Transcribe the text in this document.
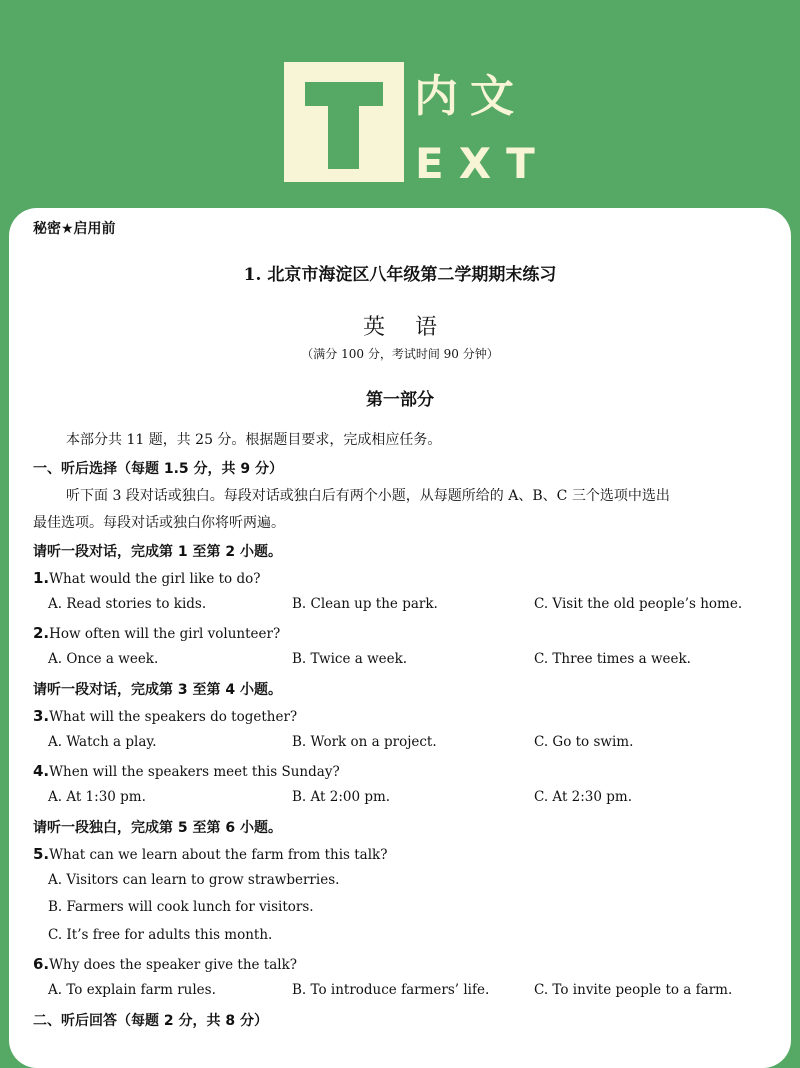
内文
EXT
秘密★启用前
1. 北京市海淀区八年级第二学期期末练习
英语
（满分 100 分，考试时间 90 分钟）
第一部分
本部分共 11 题，共 25 分。根据题目要求，完成相应任务。
一、听后选择（每题 1.5 分，共 9 分）
听下面 3 段对话或独白。每段对话或独白后有两个小题，从每题所给的 A、B、C 三个选项中选出
最佳选项。每段对话或独白你将听两遍。
请听一段对话，完成第 1 至第 2 小题。
1.What would the girl like to do?
A. Read stories to kids.	B. Clean up the park.	C. Visit the old people’s home.
2.How often will the girl volunteer?
A. Once a week.	B. Twice a week.	C. Three times a week.
请听一段对话，完成第 3 至第 4 小题。
3.What will the speakers do together?
A. Watch a play.	B. Work on a project.	C. Go to swim.
4.When will the speakers meet this Sunday?
A. At 1:30 pm.	B. At 2:00 pm.	C. At 2:30 pm.
请听一段独白，完成第 5 至第 6 小题。
5.What can we learn about the farm from this talk?
A. Visitors can learn to grow strawberries.
B. Farmers will cook lunch for visitors.
C. It’s free for adults this month.
6.Why does the speaker give the talk?
A. To explain farm rules.	B. To introduce farmers’ life.	C. To invite people to a farm.
二、听后回答（每题 2 分，共 8 分）
